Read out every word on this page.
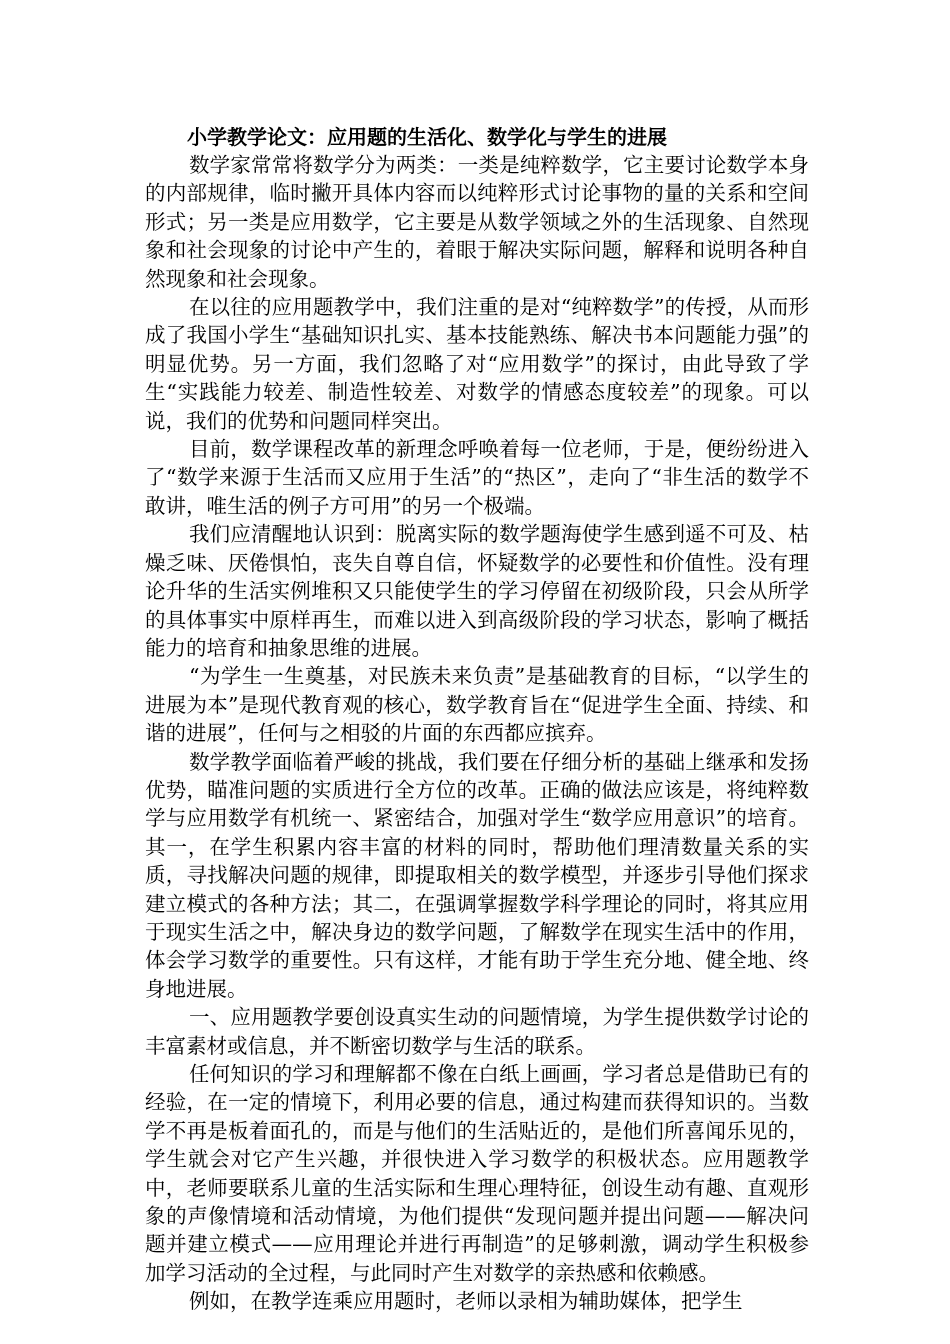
小学教学论文：应用题的生活化、数学化与学生的进展

数学家常常将数学分为两类：一类是纯粹数学，它主要讨论数学本身的内部规律，临时撇开具体内容而以纯粹形式讨论事物的量的关系和空间形式；另一类是应用数学，它主要是从数学领域之外的生活现象、自然现象和社会现象的讨论中产生的，着眼于解决实际问题，解释和说明各种自然现象和社会现象。

在以往的应用题教学中，我们注重的是对“纯粹数学”的传授，从而形成了我国小学生“基础知识扎实、基本技能熟练、解决书本问题能力强”的明显优势。另一方面，我们忽略了对“应用数学”的探讨，由此导致了学生“实践能力较差、制造性较差、对数学的情感态度较差”的现象。可以说，我们的优势和问题同样突出。

目前，数学课程改革的新理念呼唤着每一位老师，于是，便纷纷进入了“数学来源于生活而又应用于生活”的“热区”，走向了“非生活的数学不敢讲，唯生活的例子方可用”的另一个极端。

我们应清醒地认识到：脱离实际的数学题海使学生感到遥不可及、枯燥乏味、厌倦惧怕，丧失自尊自信，怀疑数学的必要性和价值性。没有理论升华的生活实例堆积又只能使学生的学习停留在初级阶段，只会从所学的具体事实中原样再生，而难以进入到高级阶段的学习状态，影响了概括能力的培育和抽象思维的进展。

“为学生一生奠基，对民族未来负责”是基础教育的目标，“以学生的进展为本”是现代教育观的核心，数学教育旨在“促进学生全面、持续、和谐的进展”，任何与之相驳的片面的东西都应摈弃。

数学教学面临着严峻的挑战，我们要在仔细分析的基础上继承和发扬优势，瞄准问题的实质进行全方位的改革。正确的做法应该是，将纯粹数学与应用数学有机统一、紧密结合，加强对学生“数学应用意识”的培育。其一，在学生积累内容丰富的材料的同时，帮助他们理清数量关系的实质，寻找解决问题的规律，即提取相关的数学模型，并逐步引导他们探求建立模式的各种方法；其二，在强调掌握数学科学理论的同时，将其应用于现实生活之中，解决身边的数学问题，了解数学在现实生活中的作用，体会学习数学的重要性。只有这样，才能有助于学生充分地、健全地、终身地进展。

一、应用题教学要创设真实生动的问题情境，为学生提供数学讨论的丰富素材或信息，并不断密切数学与生活的联系。

任何知识的学习和理解都不像在白纸上画画，学习者总是借助已有的经验，在一定的情境下，利用必要的信息，通过构建而获得知识的。当数学不再是板着面孔的，而是与他们的生活贴近的，是他们所喜闻乐见的，学生就会对它产生兴趣，并很快进入学习数学的积极状态。应用题教学中，老师要联系儿童的生活实际和生理心理特征，创设生动有趣、直观形象的声像情境和活动情境，为他们提供“发现问题并提出问题——解决问题并建立模式——应用理论并进行再制造”的足够刺激，调动学生积极参加学习活动的全过程，与此同时产生对数学的亲热感和依赖感。

例如，在教学连乘应用题时，老师以录相为辅助媒体，把学生
